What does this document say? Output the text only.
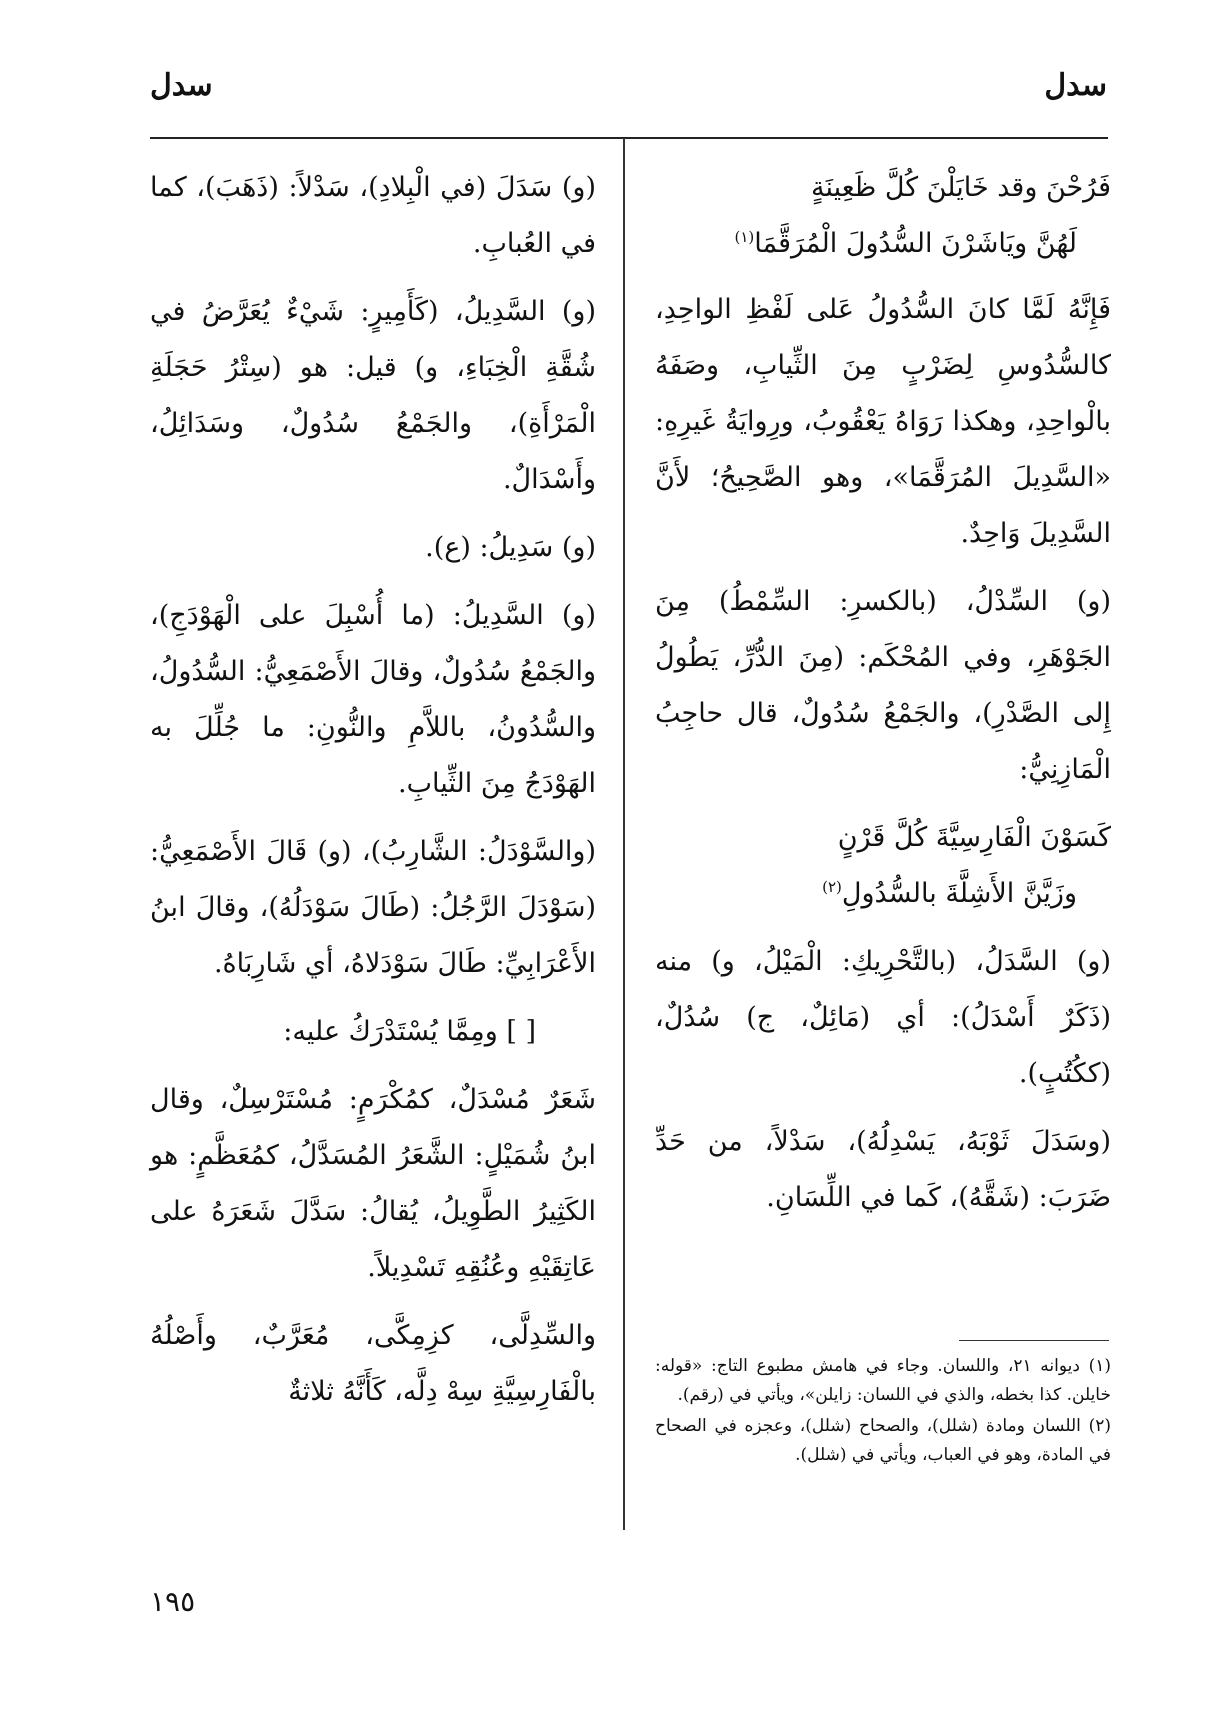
سدل
سدل
فَرُحْنَ وقد خَايَلْنَ كُلَّ ظَعِينَةٍ
لَهُنَّ ويَاشَرْنَ السُّدُولَ الْمُرَقَّمَا$^{(١)}$

فَإِنَّهُ لَمَّا كانَ السُّدُولُ عَلى لَفْظِ الواحِدِ، كالسُّدُوسِ لِضَرْبٍ مِنَ الثِّيابِ، وصَفَهُ بالْواحِدِ، وهكذا رَوَاهُ يَعْقُوبُ، ورِوايَةُ غَيرِهِ: «السَّدِيلَ المُرَقَّمَا»، وهو الصَّحِيحُ؛ لأَنَّ السَّدِيلَ وَاحِدٌ.

(و) السِّدْلُ، (بالكسرِ: السِّمْطُ) مِنَ الجَوْهَرِ، وفي المُحْكَم: (مِنَ الدُّرِّ، يَطُولُ إِلى الصَّدْرِ)، والجَمْعُ سُدُولٌ، قال حاجِبُ الْمَازِنِيُّ:

كَسَوْنَ الْفَارِسِيَّةَ كُلَّ قَرْنٍ
وزَيَّنَّ الأَشِلَّةَ بالسُّدُولِ$^{(٢)}$

(و) السَّدَلُ، (بالتَّحْرِيكِ: الْمَيْلُ، و) منه (ذَكَرٌ أَسْدَلُ): أي (مَائِلٌ، ج) سُدُلٌ، (ككُتُبٍ).

(وسَدَلَ ثَوْبَهُ، يَسْدِلُهُ)، سَدْلاً، من حَدِّ ضَرَبَ: (شَقَّهُ)، كَما في اللِّسَانِ.

(و) سَدَلَ (في الْبِلادِ)، سَدْلاً: (ذَهَبَ)، كما في العُبابِ.

(و) السَّدِيلُ، (كَأَمِيرٍ: شَيْءٌ يُعَرَّضُ في شُقَّةِ الْخِبَاءِ، و) قيل: هو (سِتْرُ حَجَلَةِ الْمَرْأَةِ)، والجَمْعُ سُدُولٌ، وسَدَائِلُ، وأَسْدَالٌ.

(و) سَدِيلُ: (ع).

(و) السَّدِيلُ: (ما أُسْبِلَ على الْهَوْدَجِ)، والجَمْعُ سُدُولٌ، وقالَ الأَصْمَعِيُّ: السُّدُولُ، والسُّدُونُ، باللاَّمِ والنُّونِ: ما جُلِّلَ به الهَوْدَجُ مِنَ الثِّيابِ.

(والسَّوْدَلُ: الشَّارِبُ)، (و) قَالَ الأَصْمَعِيُّ: (سَوْدَلَ الرَّجُلُ: (طَالَ سَوْدَلُهُ)، وقالَ ابنُ الأَعْرَابِيِّ: طَالَ سَوْدَلاهُ، أي شَارِبَاهُ.

[ ] ومِمَّا يُسْتَدْرَكُ عليه:

شَعَرٌ مُسْدَلٌ، كمُكْرَمٍ: مُسْتَرْسِلٌ، وقال ابنُ شُمَيْلٍ: الشَّعَرُ المُسَدَّلُ، كمُعَظَّمٍ: هو الكَثِيرُ الطَّوِيلُ، يُقالُ: سَدَّلَ شَعَرَهُ على عَاتِقَيْهِ وعُنُقِهِ تَسْدِيلاً.

والسِّدِلَّى، كزِمِكَّى، مُعَرَّبٌ، وأَصْلُهُ بالْفَارِسِيَّةِ سِهْ دِلَّه، كَأَنَّهُ ثلاثةٌ

(١) ديوانه ٢١، واللسان. وجاء في هامش مطبوع التاج: «قوله: خايلن. كذا بخطه، والذي في اللسان: زايلن»، ويأتي في (رقم).

(٢) اللسان ومادة (شلل)، والصحاح (شلل)، وعجزه في الصحاح في المادة، وهو في العباب، ويأتي في (شلل).

١٩٥
